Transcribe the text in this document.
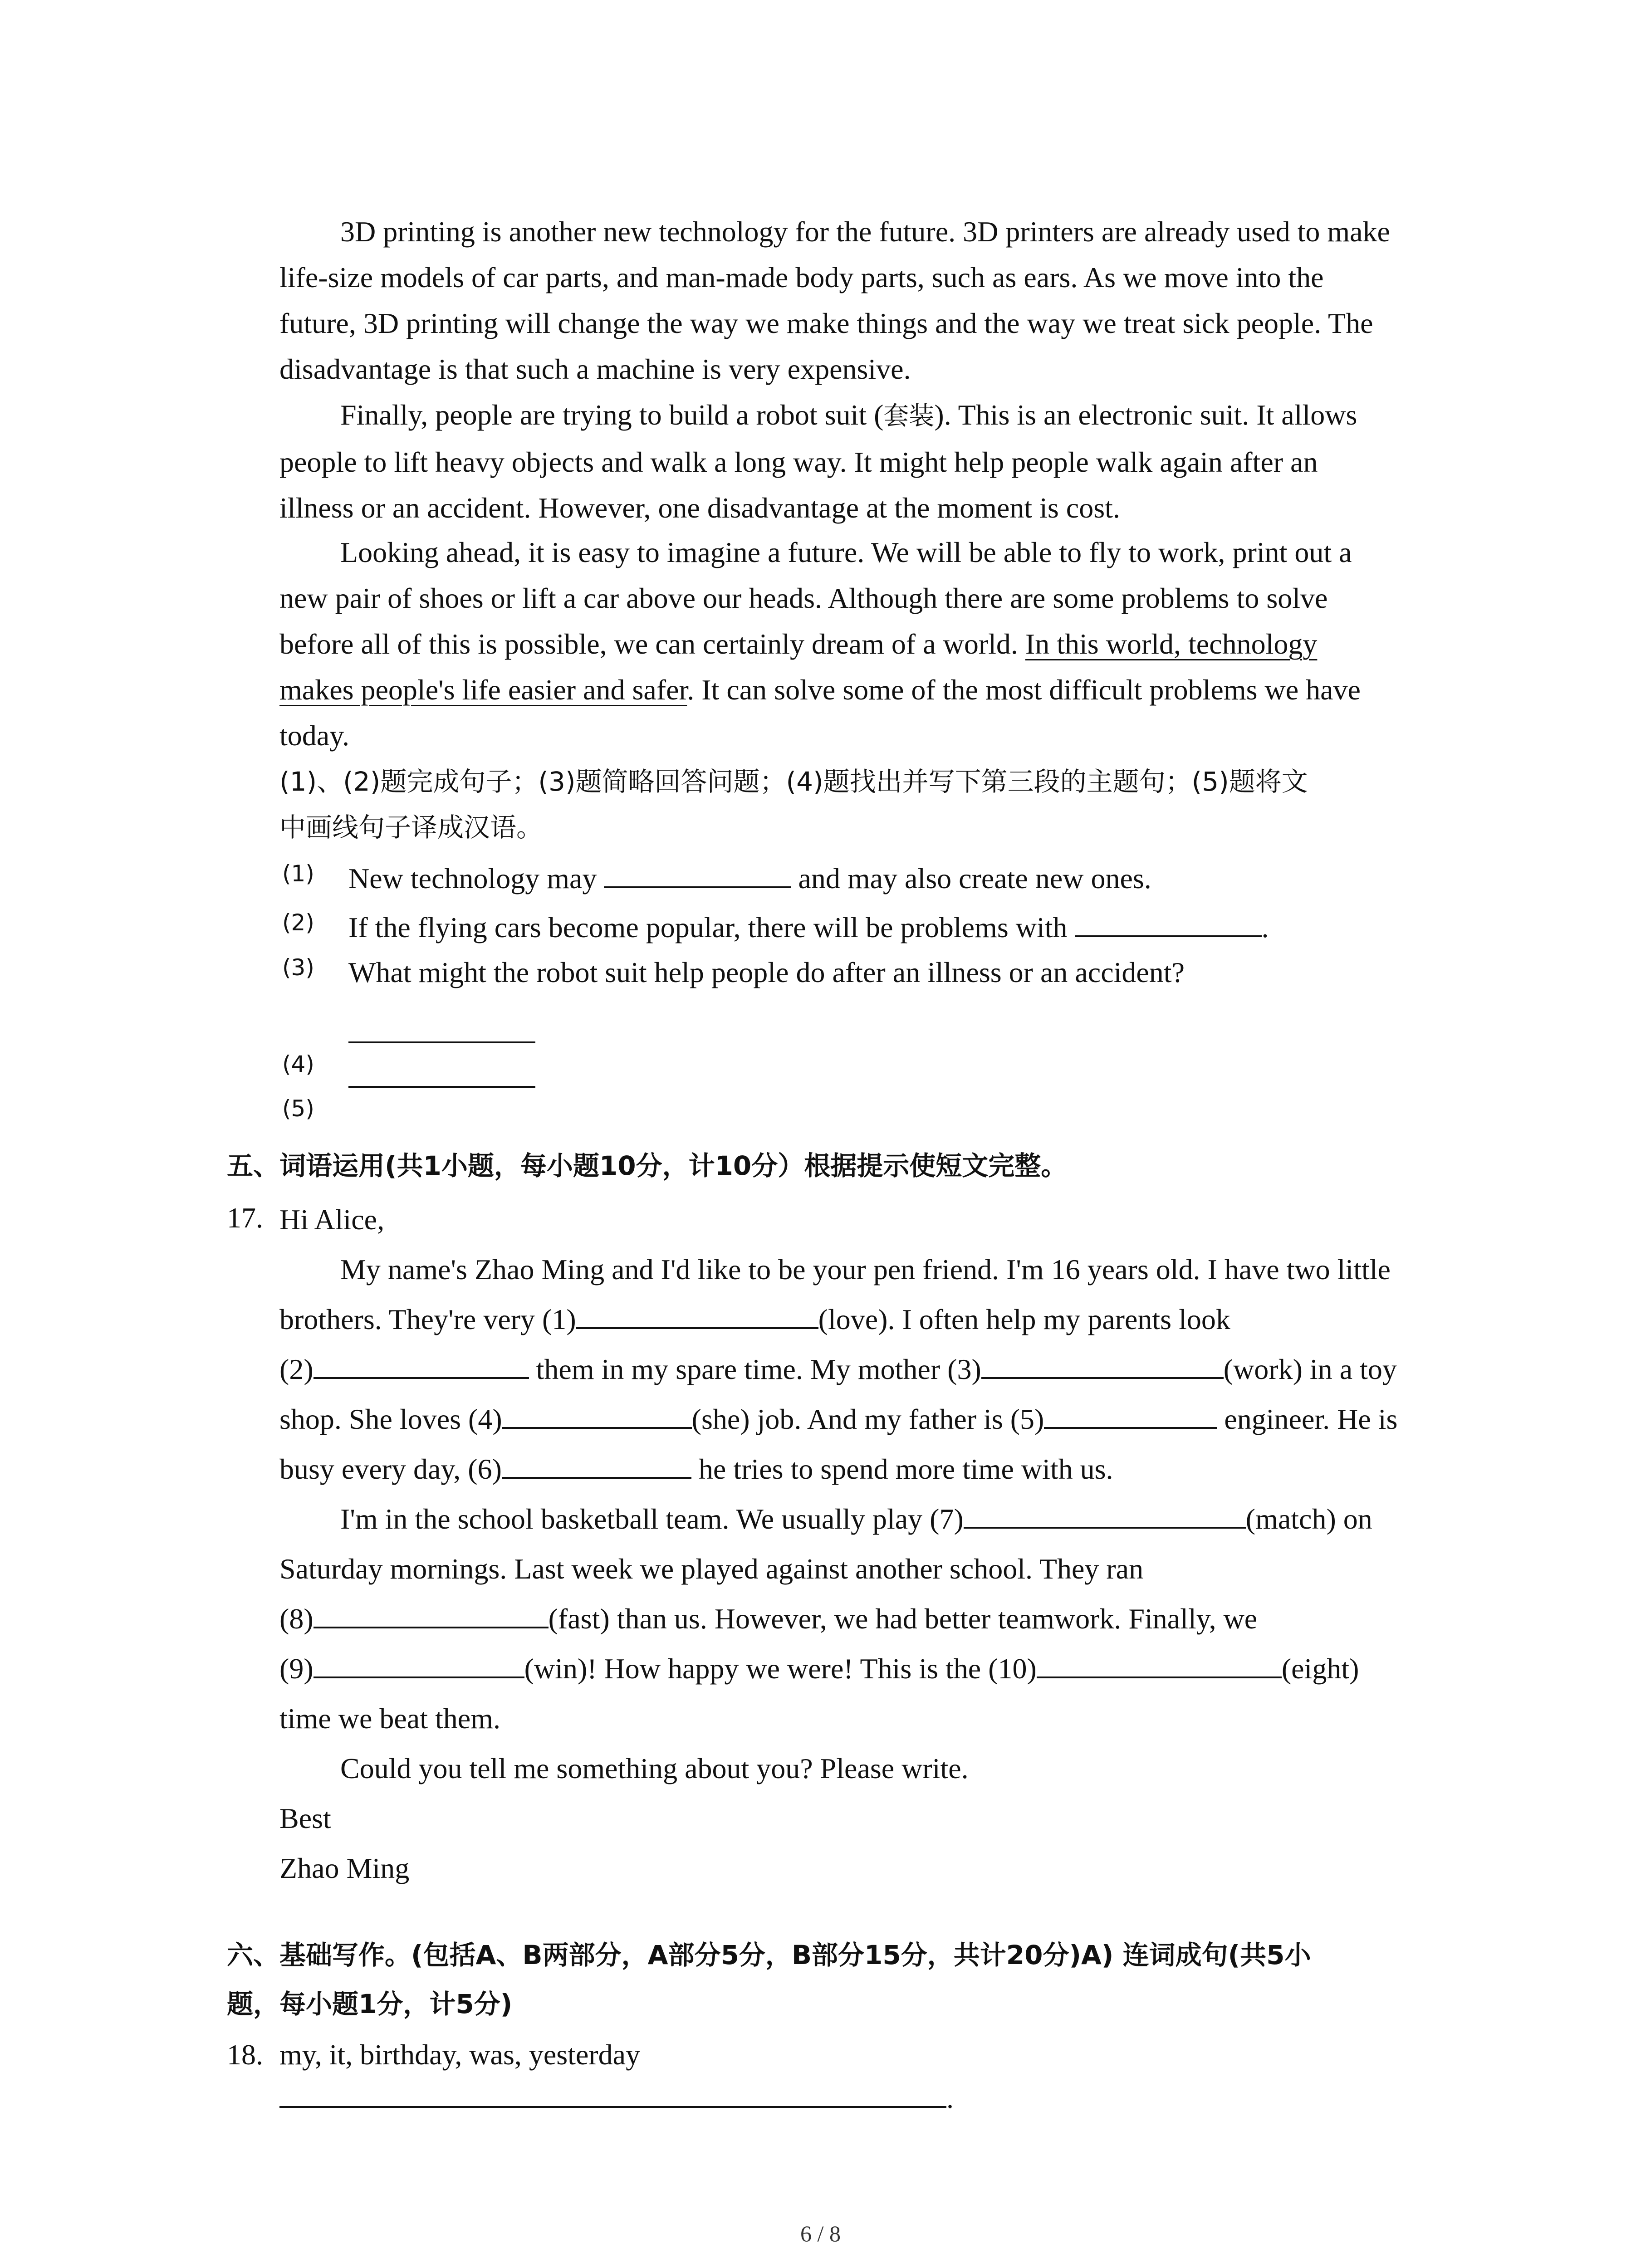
3D printing is another new technology for the future. 3D printers are already used to make
life-size models of car parts, and man-made body parts, such as ears. As we move into the
future, 3D printing will change the way we make things and the way we treat sick people. The
disadvantage is that such a machine is very expensive.

Finally, people are trying to build a robot suit (套装). This is an electronic suit. It allows
people to lift heavy objects and walk a long way. It might help people walk again after an
illness or an accident. However, one disadvantage at the moment is cost.

Looking ahead, it is easy to imagine a future. We will be able to fly to work, print out a
new pair of shoes or lift a car above our heads. Although there are some problems to solve
before all of this is possible, we can certainly dream of a world. In this world, technology
makes people's life easier and safer. It can solve some of the most difficult problems we have
today.

(1)、(2)题完成句子；(3)题简略回答问题；(4)题找出并写下第三段的主题句；(5)题将文
中画线句子译成汉语。

(1) New technology may	and may also create new ones.
(2) If the flying cars become popular, there will be problems with	.
(3) What might the robot suit help people do after an illness or an accident?
(4)
(5)

五、词语运用(共1小题，每小题10分，计10分）根据提示使短文完整。

17. Hi Alice,
My name's Zhao Ming and I'd like to be your pen friend. I'm 16 years old. I have two little
brothers. They're very (1)	(love). I often help my parents look
(2)	them in my spare time. My mother (3)	(work) in a toy
shop. She loves (4)	(she) job. And my father is (5)	engineer. He is
busy every day, (6)	he tries to spend more time with us.
I'm in the school basketball team. We usually play (7)	(match) on
Saturday mornings. Last week we played against another school. They ran
(8)	(fast) than us. However, we had better teamwork. Finally, we
(9)	(win)! How happy we were! This is the (10)	(eight)
time we beat them.
Could you tell me something about you? Please write.
Best
Zhao Ming

六、基础写作。(包括A、B两部分，A部分5分，B部分15分，共计20分)A) 连词成句(共5小
题，每小题1分，计5分)

18. my, it, birthday, was, yesterday
.
6 / 8
